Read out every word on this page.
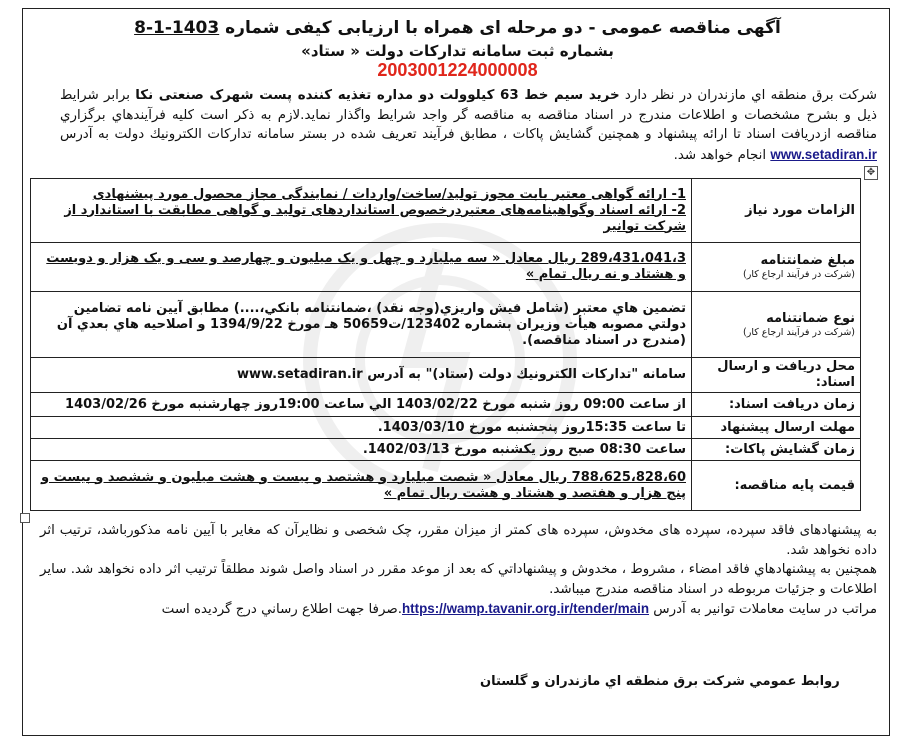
آگهی مناقصه عمومی - دو مرحله ای همراه با ارزیابی کیفی شماره 8-1-1403
بشماره ثبت سامانه تدارکات دولت « ستاد»
2003001224000008
شركت برق منطقه اي مازندران در نظر دارد خرید سیم خط 63 کیلوولت دو مداره تغذیه کننده پست شهرک صنعتی نکا برابر شرایط ذیل و بشرح مشخصات و اطلاعات مندرج در اسناد مناقصه به مناقصه گر واجد شرایط واگذار نماید.لازم به ذکر است کلیه فرآیندهاي برگزاري مناقصه ازدریافت اسناد تا ارائه پیشنهاد و همچنین گشایش پاکات ، مطابق فرآیند تعریف شده در بستر سامانه تدارکات الکترونیك دولت به آدرس www.setadiran.ir انجام خواهد شد.
✥
الزامات مورد نیاز	1- ارائه گواهی معتبر بابت مجوز تولید/ساخت/واردات / نمایندگی مجاز محصول مورد پیشنهادی
2- ارائه اسناد وگواهینامه‌های معتبردرخصوص استانداردهای تولید و گواهی مطابقت با استاندارد از شرکت توانیر

مبلغ ضمانتنامه
(شرکت در فرآیند ارجاع کار)	289،431،041،3 ریال معادل « سه میلیارد و چهل و یک میلیون و چهارصد و سی و یک هزار و دویست و هشتاد و نه ریال تمام »

نوع ضمانتنامه
(شرکت در فرآیند ارجاع کار)	تضمین هاي معتبر (شامل فیش واریزي(وجه نقد) ،ضمانتنامه بانكي،....) مطابق آیین نامه تضامین دولتي مصوبه هیأت وزیران بشماره 123402/ت50659 هـ مورخ 1394/9/22 و اصلاحیه هاي بعدي آن (مندرج در اسناد مناقصه).

محل دریافت و ارسال اسناد:	سامانه "تدارکات الکترونیك دولت (ستاد)" به آدرس www.setadiran.ir

زمان دریافت اسناد:	از ساعت 09:00 روز شنبه مورخ 1403/02/22 الي ساعت 19:00روز چهارشنبه مورخ 1403/02/26

مهلت ارسال پیشنهاد	تا ساعت 15:35روز پنجشنبه مورخ 1403/03/10.

زمان گشایش پاکات:	ساعت 08:30 صبح روز یکشنبه مورخ 1402/03/13.

قیمت پایه مناقصه:	788،625،828،60 ریال معادل « شصت میلیارد و هشتصد و بیست و هشت میلیون و ششصد و بیست و پنج هزار و هفتصد و هشتاد و هشت ریال تمام »

به پیشنهادهای فاقد سپرده، سپرده های مخدوش، سپرده های کمتر از میزان مقرر، چک شخصی و نظایرآن که مغایر با آیین نامه مذکورباشد، ترتیب اثر داده نخواهد شد.

همچنین به پیشنهادهاي فاقد امضاء ، مشروط ، مخدوش و پیشنهاداتي که بعد از موعد مقرر در اسناد واصل شوند مطلقاً ترتیب اثر داده نخواهد شد. سایر اطلاعات و جزئیات مربوطه در اسناد مناقصه مندرج میباشد.

مراتب در سایت معاملات توانیر به آدرس https://wamp.tavanir.org.ir/tender/main.صرفا جهت اطلاع رساني درج گردیده است

روابط عمومي شرکت برق منطقه اي مازندران و گلستان
